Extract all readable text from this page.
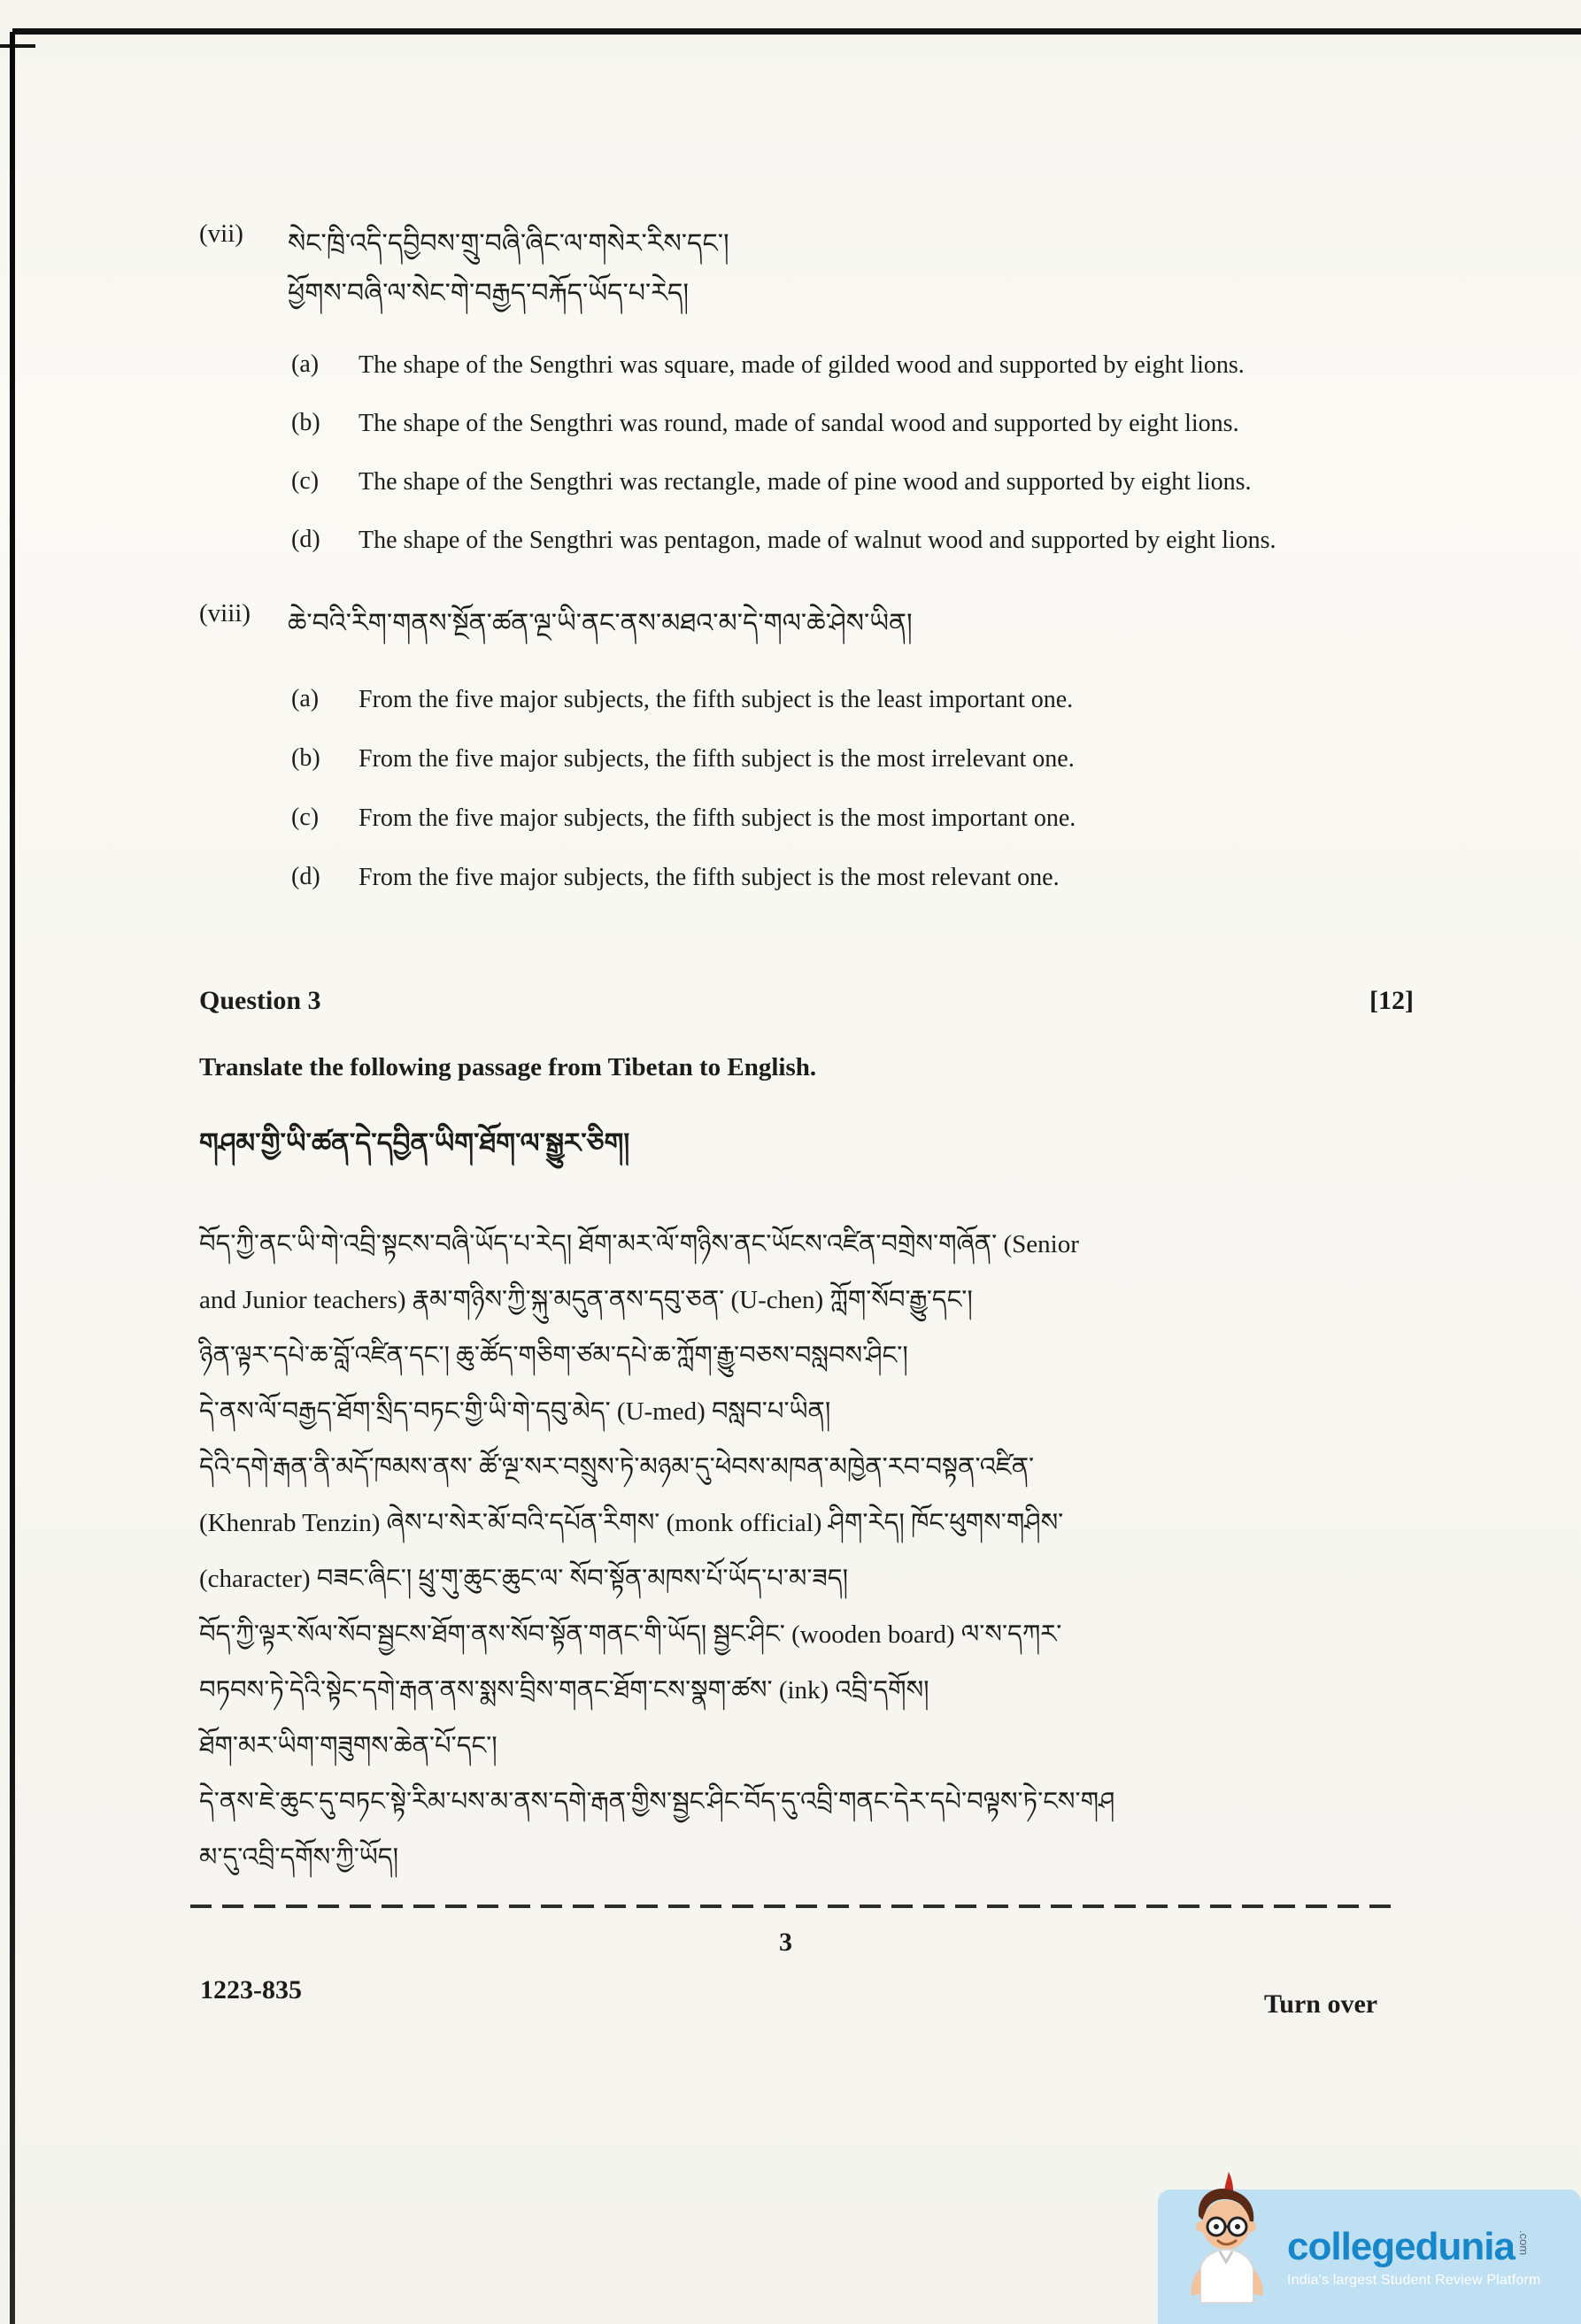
(vii)	སེང་ཁྲི་འདི་དབྱིབས་གྲུ་བཞི་ཞིང་ལ་གསེར་རིས་དང་།
ཕྱོགས་བཞི་ལ་སེང་གེ་བརྒྱད་བརྐོད་ཡོད་པ་རེད།
(a)	The shape of the Sengthri was square, made of gilded wood and supported by eight lions.
(b)	The shape of the Sengthri was round, made of sandal wood and supported by eight lions.
(c)	The shape of the Sengthri was rectangle, made of pine wood and supported by eight lions.
(d)	The shape of the Sengthri was pentagon, made of walnut wood and supported by eight lions.
(viii)	ཆེ་བའི་རིག་གནས་སྔོན་ཚན་ལྔ་ཡི་ནང་ནས་མཐའ་མ་དེ་གལ་ཆེ་ཤེས་ཡིན།
(a)	From the five major subjects, the fifth subject is the least important one.
(b)	From the five major subjects, the fifth subject is the most irrelevant one.
(c)	From the five major subjects, the fifth subject is the most important one.
(d)	From the five major subjects, the fifth subject is the most relevant one.
Question 3	[12]
Translate the following passage from Tibetan to English.
གཤམ་གྱི་ཡི་ཚན་དེ་དབྱིན་ཡིག་ཐོག་ལ་སྒྱུར་ཅིག།
བོད་ཀྱི་ནང་ཡི་གེ་འབྲི་སྟངས་བཞི་ཡོད་པ་རེད། ཐོག་མར་ལོ་གཉིས་ནང་ཡོངས་འཛིན་བགྲེས་གཞོན་ (Senior
and Junior teachers) རྣམ་གཉིས་ཀྱི་སྐུ་མདུན་ནས་དབུ་ཅན་ (U-chen) ཀློག་སོབ་རྒྱུ་དང་།
ཉིན་ལྟར་དཔེ་ཆ་བློ་འཛིན་དང་། ཆུ་ཚོད་གཅིག་ཙམ་དཔེ་ཆ་ཀློག་རྒྱུ་བཅས་བསླབས་ཤིང་།
དེ་ནས་ལོ་བརྒྱད་ཐོག་སྲིད་བཏང་གྱི་ཡི་གེ་དབུ་མེད་ (U-med) བསླབ་པ་ཡིན།
དེའི་དགེ་རྒན་ནི་མདོ་ཁམས་ནས་ ཚོ་ལྔ་སར་བསྲུས་ཏེ་མཉམ་དུ་ཕེབས་མཁན་མཁྱེན་རབ་བསྟན་འཛིན་
(Khenrab Tenzin) ཞེས་པ་སེར་མོ་བའི་དཔོན་རིགས་ (monk official) ཤིག་རེད། ཁོང་ཕུགས་གཤིས་
(character) བཟང་ཞིང་། ཕྲུ་གུ་ཆུང་ཆུང་ལ་ སོབ་སྟོན་མཁས་པོ་ཡོད་པ་མ་ཟད།
བོད་ཀྱི་ལྟར་སོལ་སོབ་སྦྱངས་ཐོག་ནས་སོབ་སྟོན་གནང་གི་ཡོད། སྦྱང་ཤིང་ (wooden board) ལ་ས་དཀར་
བཏབས་ཏེ་དེའི་སྟེང་དགེ་རྒན་ནས་སྨས་བྲིས་གནང་ཐོག་ངས་སྣག་ཚས་ (ink) འབྲི་དགོས།
ཐོག་མར་ཡིག་གཟུགས་ཆེན་པོ་དང་།
དེ་ནས་ཇེ་ཆུང་དུ་བཏང་སྟེ་རིམ་པས་མ་ནས་དགེ་རྒན་གྱིས་སྦྱང་ཤིང་བོད་དུ་འབྲི་གནང་དེར་དཔེ་བལྟས་ཏེ་ངས་གཤ
མ་དུ་འབྲི་དགོས་ཀྱི་ཡོད།
3
1223-835	Turn over
collegedunia .com
India's largest Student Review Platform
